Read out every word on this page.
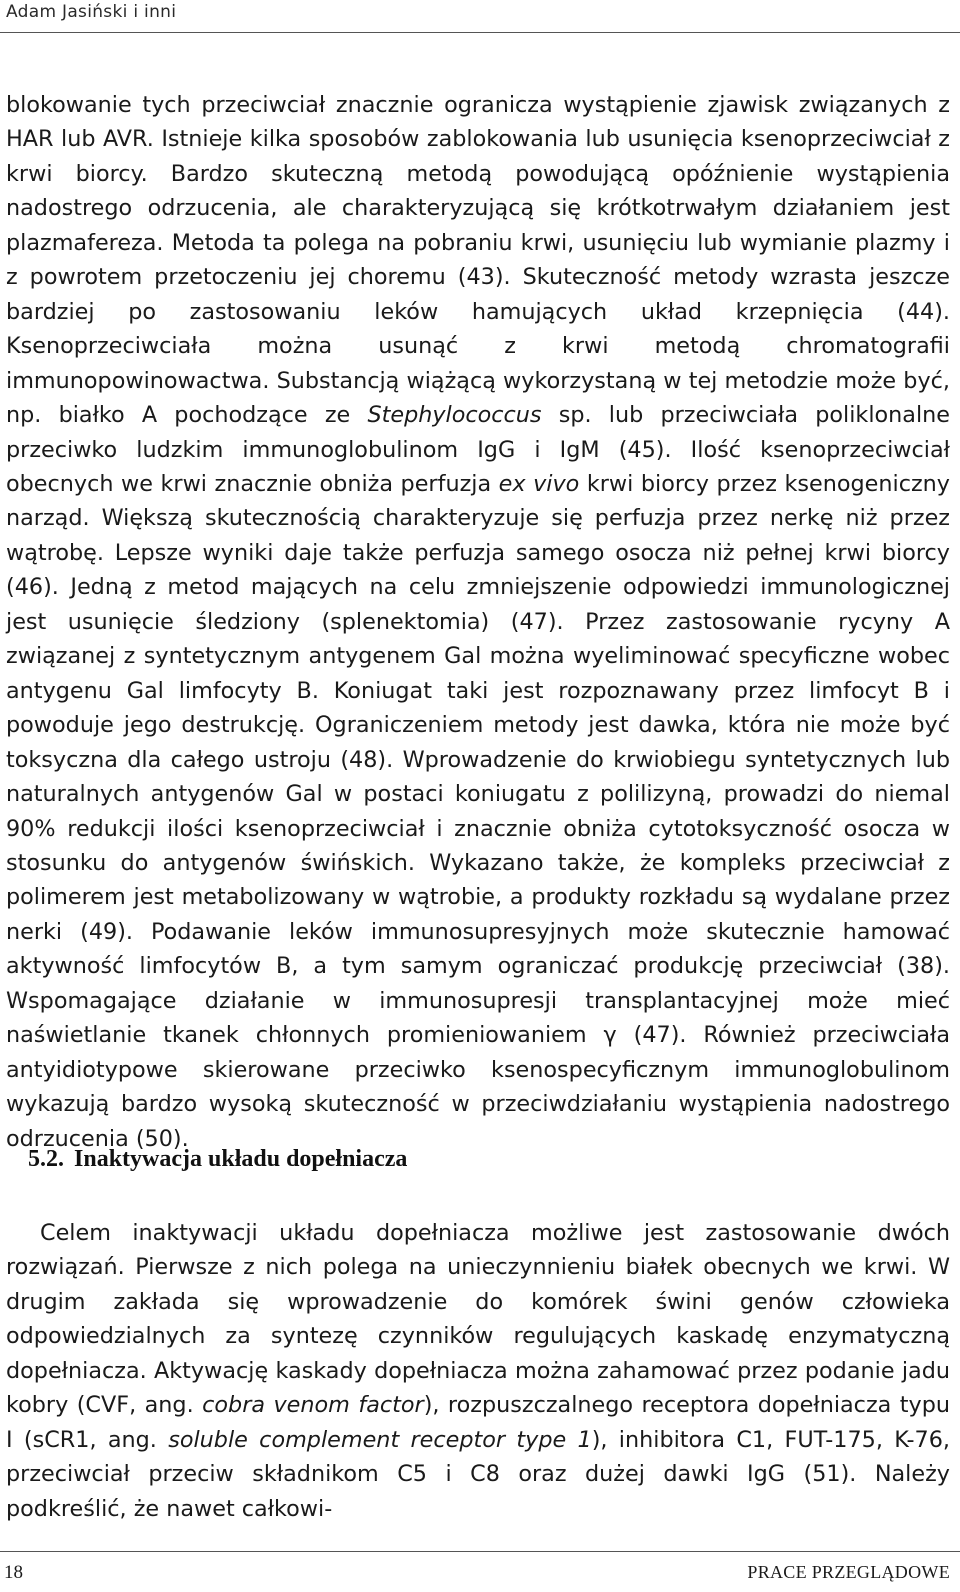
Adam Jasiński i inni
blokowanie tych przeciwciał znacznie ogranicza wystąpienie zjawisk związanych z HAR lub AVR. Istnieje kilka sposobów zablokowania lub usunięcia ksenoprzeciwciał z krwi biorcy. Bardzo skuteczną metodą powodującą opóźnienie wystąpienia nadostrego odrzucenia, ale charakteryzującą się krótkotrwałym działaniem jest plazmafereza. Metoda ta polega na pobraniu krwi, usunięciu lub wymianie plazmy i z powrotem przetoczeniu jej choremu (43). Skuteczność metody wzrasta jeszcze bardziej po zastosowaniu leków hamujących układ krzepnięcia (44). Ksenoprzeciwciała można usunąć z krwi metodą chromatografii immunopowinowactwa. Substancją wiążącą wykorzystaną w tej metodzie może być, np. białko A pochodzące ze Stephylococcus sp. lub przeciwciała poliklonalne przeciwko ludzkim immunoglobulinom IgG i IgM (45). Ilość ksenoprzeciwciał obecnych we krwi znacznie obniża perfuzja ex vivo krwi biorcy przez ksenogeniczny narząd. Większą skutecznością charakteryzuje się perfuzja przez nerkę niż przez wątrobę. Lepsze wyniki daje także perfuzja samego osocza niż pełnej krwi biorcy (46). Jedną z metod mających na celu zmniejszenie odpowiedzi immunologicznej jest usunięcie śledziony (splenektomia) (47). Przez zastosowanie rycyny A związanej z syntetycznym antygenem Gal można wyeliminować specyficzne wobec antygenu Gal limfocyty B. Koniugat taki jest rozpoznawany przez limfocyt B i powoduje jego destrukcję. Ograniczeniem metody jest dawka, która nie może być toksyczna dla całego ustroju (48). Wprowadzenie do krwiobiegu syntetycznych lub naturalnych antygenów Gal w postaci koniugatu z polilizyną, prowadzi do niemal 90% redukcji ilości ksenoprzeciwciał i znacznie obniża cytotoksyczność osocza w stosunku do antygenów świńskich. Wykazano także, że kompleks przeciwciał z polimerem jest metabolizowany w wątrobie, a produkty rozkładu są wydalane przez nerki (49). Podawanie leków immunosupresyjnych może skutecznie hamować aktywność limfocytów B, a tym samym ograniczać produkcję przeciwciał (38). Wspomagające działanie w immunosupresji transplantacyjnej może mieć naświetlanie tkanek chłonnych promieniowaniem γ (47). Również przeciwciała antyidiotypowe skierowane przeciwko ksenospecyficznym immunoglobulinom wykazują bardzo wysoką skuteczność w przeciwdziałaniu wystąpienia nadostrego odrzucenia (50).
5.2. Inaktywacja układu dopełniacza
Celem inaktywacji układu dopełniacza możliwe jest zastosowanie dwóch rozwiązań. Pierwsze z nich polega na unieczynnieniu białek obecnych we krwi. W drugim zakłada się wprowadzenie do komórek świni genów człowieka odpowiedzialnych za syntezę czynników regulujących kaskadę enzymatyczną dopełniacza. Aktywację kaskady dopełniacza można zahamować przez podanie jadu kobry (CVF, ang. cobra venom factor), rozpuszczalnego receptora dopełniacza typu I (sCR1, ang. soluble complement receptor type 1), inhibitora C1, FUT-175, K-76, przeciwciał przeciw składnikom C5 i C8 oraz dużej dawki IgG (51). Należy podkreślić, że nawet całkowi-
18	PRACE PRZEGLĄDOWE
